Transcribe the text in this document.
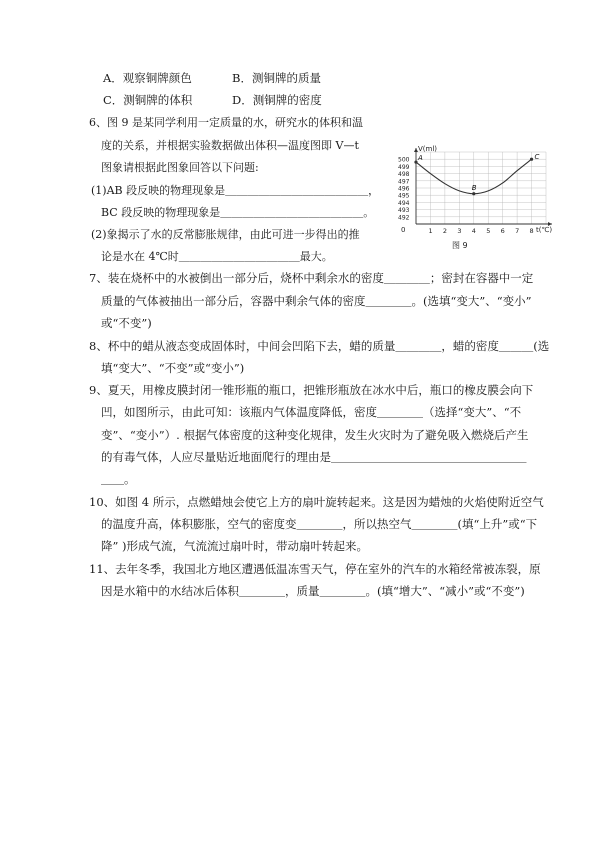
A．观察铜牌颜色	B．测铜牌的质量
C．测铜牌的体积	D．测铜牌的密度
6、图 9 是某同学利用一定质量的水，研究水的体积和温
度的关系，并根据实验数据做出体积—温度图即 V—t
图象请根据此图象回答以下问题:
(1)AB 段反映的物理现象是＿＿＿＿＿＿＿＿＿＿＿＿＿，
BC 段反映的物理现象是＿＿＿＿＿＿＿＿＿＿＿＿＿。
(2)象揭示了水的反常膨胀规律，由此可进一步得出的推
论是水在 4℃时＿＿＿＿＿＿＿＿＿＿＿最大。
1 2 3 4 5 6 7 8
500
499
498
497
496
495
494
493
492
A
B
C
V(ml)
t(℃)
0
图 9
7、装在烧杯中的水被倒出一部分后，烧杯中剩余水的密度＿＿＿＿；密封在容器中一定
质量的气体被抽出一部分后，容器中剩余气体的密度＿＿＿＿。(选填“变大”、“变小”
或“不变”)
8、杯中的蜡从液态变成固体时，中间会凹陷下去，蜡的质量＿＿＿＿，蜡的密度＿＿＿(选
填“变大”、“不变”或“变小”)
9、夏天，用橡皮膜封闭一锥形瓶的瓶口，把锥形瓶放在冰水中后，瓶口的橡皮膜会向下
凹，如图所示，由此可知：该瓶内气体温度降低，密度＿＿＿＿（选择“变大”、“不
变”、“变小”）. 根据气体密度的这种变化规律，发生火灾时为了避免吸入燃烧后产生
的有毒气体，人应尽量贴近地面爬行的理由是＿＿＿＿＿＿＿＿＿＿＿＿＿＿＿＿＿
＿＿。
10、如图 4 所示，点燃蜡烛会使它上方的扇叶旋转起来。这是因为蜡烛的火焰使附近空气
的温度升高，体积膨胀，空气的密度变＿＿＿＿，所以热空气＿＿＿＿(填“上升”或“下
降” )形成气流，气流流过扇叶时，带动扇叶转起来。
11、去年冬季，我国北方地区遭遇低温冻雪天气，停在室外的汽车的水箱经常被冻裂，原
因是水箱中的水结冰后体积＿＿＿＿，质量＿＿＿＿。(填“增大”、“减小”或“不变”)
